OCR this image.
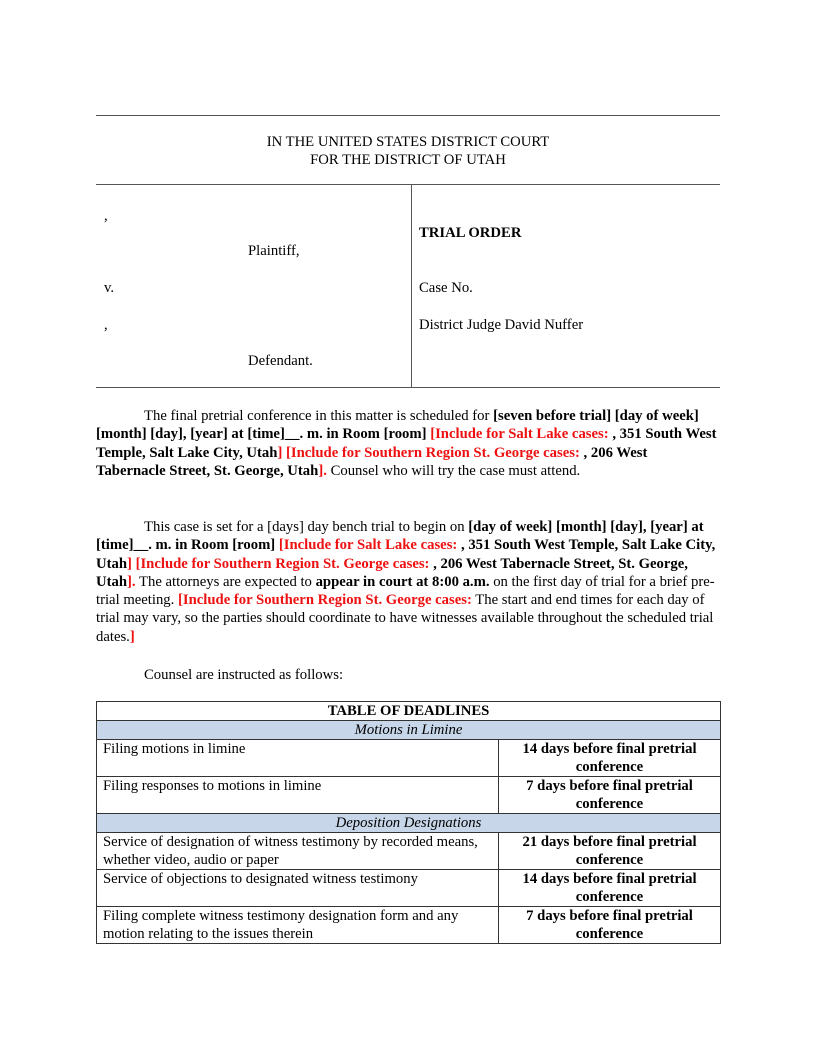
IN THE UNITED STATES DISTRICT COURT
FOR THE DISTRICT OF UTAH
,
Plaintiff,
v.
,
Defendant.
TRIAL ORDER
Case No.
District Judge David Nuffer

The final pretrial conference in this matter is scheduled for [seven before trial] [day of week] [month] [day], [year] at [time]__. m. in Room [room] [Include for Salt Lake cases: , 351 South West Temple, Salt Lake City, Utah] [Include for Southern Region St. George cases: , 206 West Tabernacle Street, St. George, Utah]. Counsel who will try the case must attend.

This case is set for a [days] day bench trial to begin on [day of week] [month] [day], [year] at [time]__. m. in Room [room] [Include for Salt Lake cases: , 351 South West Temple, Salt Lake City, Utah] [Include for Southern Region St. George cases: , 206 West Tabernacle Street, St. George, Utah]. The attorneys are expected to appear in court at 8:00 a.m. on the first day of trial for a brief pre-trial meeting. [Include for Southern Region St. George cases: The start and end times for each day of trial may vary, so the parties should coordinate to have witnesses available throughout the scheduled trial dates.]

Counsel are instructed as follows:

TABLE OF DEADLINES	
Motions in Limine	
Filing motions in limine	14 days before final pretrial conference
Filing responses to motions in limine	7 days before final pretrial conference
Deposition Designations	
Service of designation of witness testimony by recorded means, whether video, audio or paper	21 days before final pretrial conference
Service of objections to designated witness testimony	14 days before final pretrial conference
Filing complete witness testimony designation form and any motion relating to the issues therein	7 days before final pretrial conference
